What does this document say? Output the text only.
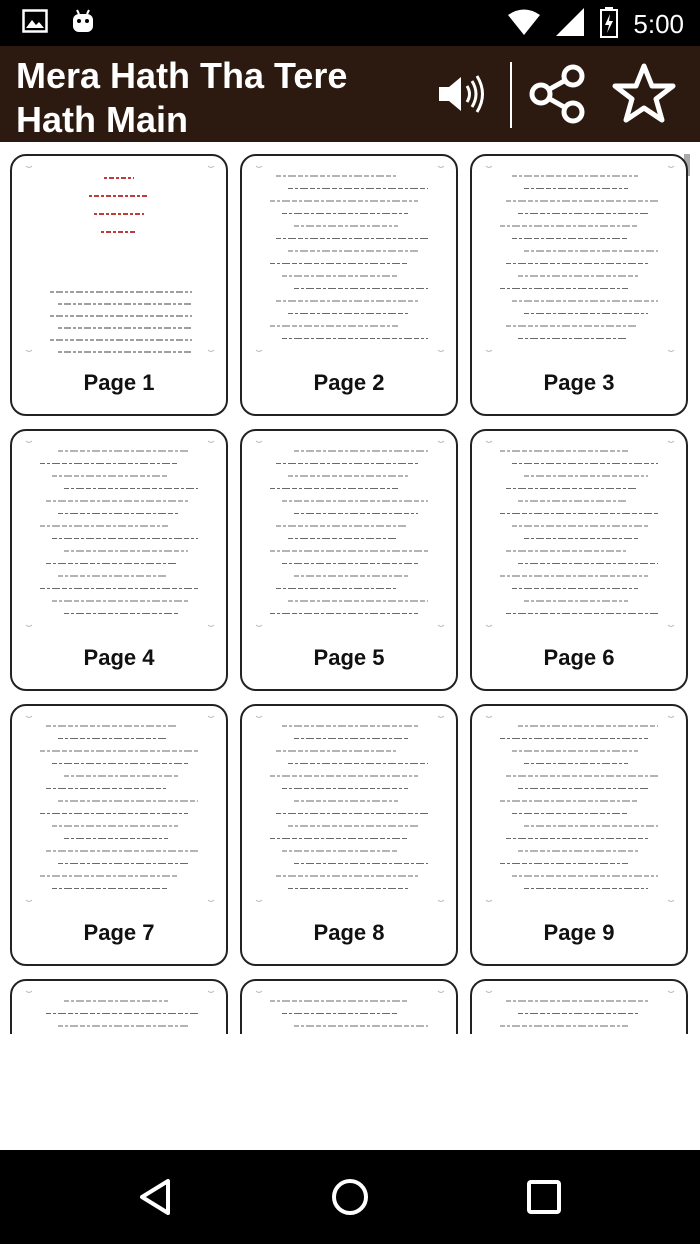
5:00
Mera Hath Tha Tere Hath Main
Page 1	Page 2	Page 3
Page 4	Page 5	Page 6
Page 7	Page 8	Page 9
